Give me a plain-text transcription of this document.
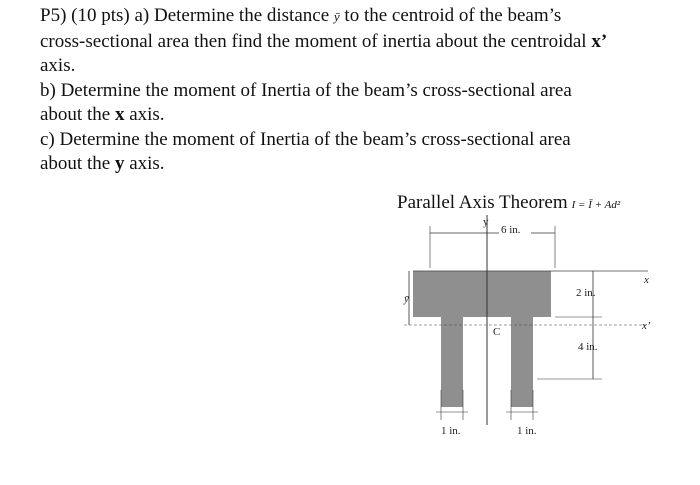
P5) (10 pts) a) Determine the distance ȳ to the centroid of the beam’s

cross-sectional area then find the moment of inertia about the centroidal x’

axis.

b) Determine the moment of Inertia of the beam’s cross-sectional area

about the x axis.

c) Determine the moment of Inertia of the beam’s cross-sectional area

about the y axis.

Parallel Axis Theorem I = Ī + Ad²
y
x
x’
6 in.
ȳ	2 in.
4 in.
C
1 in.	1 in.
